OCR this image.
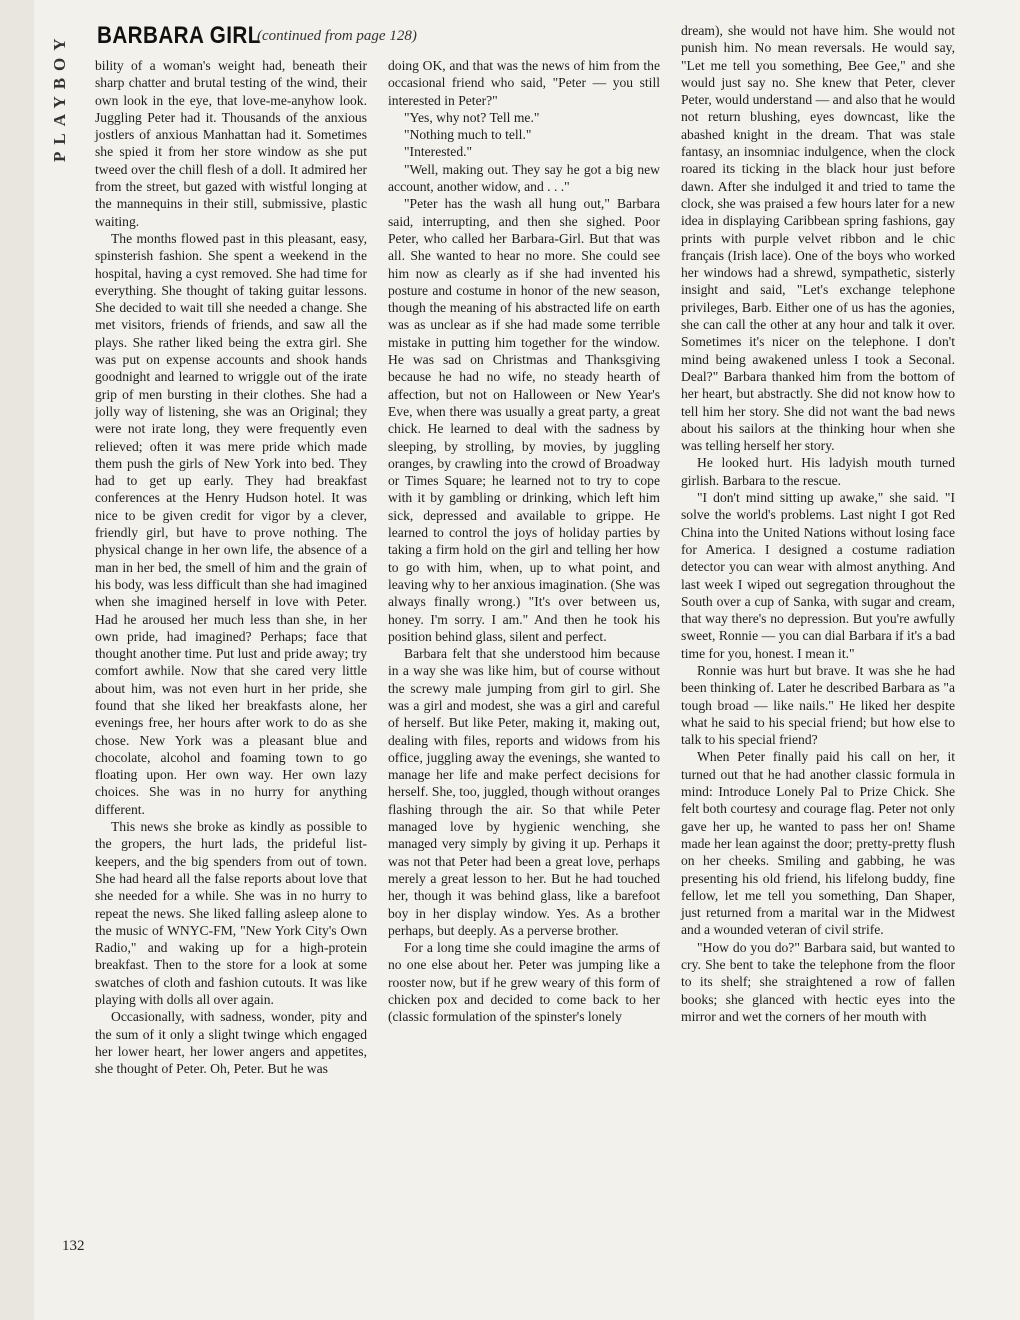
PLAYBOY	BARBARA GIRL
(continued from page 128)

bility of a woman's weight had, beneath their sharp chatter and brutal testing of the wind, their own look in the eye, that love-me-anyhow look. Juggling Peter had it. Thousands of the anxious jostlers of anxious Manhattan had it. Sometimes she spied it from her store window as she put tweed over the chill flesh of a doll. It admired her from the street, but gazed with wistful longing at the mannequins in their still, submissive, plastic waiting.

The months flowed past in this pleasant, easy, spinsterish fashion. She spent a weekend in the hospital, having a cyst removed. She had time for everything. She thought of taking guitar lessons. She decided to wait till she needed a change. She met visitors, friends of friends, and saw all the plays. She rather liked being the extra girl. She was put on expense accounts and shook hands goodnight and learned to wriggle out of the irate grip of men bursting in their clothes. She had a jolly way of listening, she was an Original; they were not irate long, they were frequently even relieved; often it was mere pride which made them push the girls of New York into bed. They had to get up early. They had breakfast conferences at the Henry Hudson hotel. It was nice to be given credit for vigor by a clever, friendly girl, but have to prove nothing. The physical change in her own life, the absence of a man in her bed, the smell of him and the grain of his body, was less difficult than she had imagined when she imagined herself in love with Peter. Had he aroused her much less than she, in her own pride, had imagined? Perhaps; face that thought another time. Put lust and pride away; try comfort awhile. Now that she cared very little about him, was not even hurt in her pride, she found that she liked her breakfasts alone, her evenings free, her hours after work to do as she chose. New York was a pleasant blue and chocolate, alcohol and foaming town to go floating upon. Her own way. Her own lazy choices. She was in no hurry for anything different.

This news she broke as kindly as possible to the gropers, the hurt lads, the prideful list-keepers, and the big spenders from out of town. She had heard all the false reports about love that she needed for a while. She was in no hurry to repeat the news. She liked falling asleep alone to the music of WNYC-FM, "New York City's Own Radio," and waking up for a high-protein breakfast. Then to the store for a look at some swatches of cloth and fashion cutouts. It was like playing with dolls all over again.

Occasionally, with sadness, wonder, pity and the sum of it only a slight twinge which engaged her lower heart, her lower angers and appetites, she thought of Peter. Oh, Peter. But he was

doing OK, and that was the news of him from the occasional friend who said, "Peter — you still interested in Peter?"

"Yes, why not? Tell me."

"Nothing much to tell."

"Interested."

"Well, making out. They say he got a big new account, another widow, and . . ."

"Peter has the wash all hung out," Barbara said, interrupting, and then she sighed. Poor Peter, who called her Barbara-Girl. But that was all. She wanted to hear no more. She could see him now as clearly as if she had invented his posture and costume in honor of the new season, though the meaning of his abstracted life on earth was as unclear as if she had made some terrible mistake in putting him together for the window. He was sad on Christmas and Thanksgiving because he had no wife, no steady hearth of affection, but not on Halloween or New Year's Eve, when there was usually a great party, a great chick. He learned to deal with the sadness by sleeping, by strolling, by movies, by juggling oranges, by crawling into the crowd of Broadway or Times Square; he learned not to try to cope with it by gambling or drinking, which left him sick, depressed and available to grippe. He learned to control the joys of holiday parties by taking a firm hold on the girl and telling her how to go with him, when, up to what point, and leaving why to her anxious imagination. (She was always finally wrong.) "It's over between us, honey. I'm sorry. I am." And then he took his position behind glass, silent and perfect.

Barbara felt that she understood him because in a way she was like him, but of course without the screwy male jumping from girl to girl. She was a girl and modest, she was a girl and careful of herself. But like Peter, making it, making out, dealing with files, reports and widows from his office, juggling away the evenings, she wanted to manage her life and make perfect decisions for herself. She, too, juggled, though without oranges flashing through the air. So that while Peter managed love by hygienic wenching, she managed very simply by giving it up. Perhaps it was not that Peter had been a great love, perhaps merely a great lesson to her. But he had touched her, though it was behind glass, like a barefoot boy in her display window. Yes. As a brother perhaps, but deeply. As a perverse brother.

For a long time she could imagine the arms of no one else about her. Peter was jumping like a rooster now, but if he grew weary of this form of chicken pox and decided to come back to her (classic formulation of the spinster's lonely

dream), she would not have him. She would not punish him. No mean reversals. He would say, "Let me tell you something, Bee Gee," and she would just say no. She knew that Peter, clever Peter, would understand — and also that he would not return blushing, eyes downcast, like the abashed knight in the dream. That was stale fantasy, an insomniac indulgence, when the clock roared its ticking in the black hour just before dawn. After she indulged it and tried to tame the clock, she was praised a few hours later for a new idea in displaying Caribbean spring fashions, gay prints with purple velvet ribbon and le chic français (Irish lace). One of the boys who worked her windows had a shrewd, sympathetic, sisterly insight and said, "Let's exchange telephone privileges, Barb. Either one of us has the agonies, she can call the other at any hour and talk it over. Sometimes it's nicer on the telephone. I don't mind being awakened unless I took a Seconal. Deal?" Barbara thanked him from the bottom of her heart, but abstractly. She did not know how to tell him her story. She did not want the bad news about his sailors at the thinking hour when she was telling herself her story.

He looked hurt. His ladyish mouth turned girlish. Barbara to the rescue.

"I don't mind sitting up awake," she said. "I solve the world's problems. Last night I got Red China into the United Nations without losing face for America. I designed a costume radiation detector you can wear with almost anything. And last week I wiped out segregation throughout the South over a cup of Sanka, with sugar and cream, that way there's no depression. But you're awfully sweet, Ronnie — you can dial Barbara if it's a bad time for you, honest. I mean it."

Ronnie was hurt but brave. It was she he had been thinking of. Later he described Barbara as "a tough broad — like nails." He liked her despite what he said to his special friend; but how else to talk to his special friend?

When Peter finally paid his call on her, it turned out that he had another classic formula in mind: Introduce Lonely Pal to Prize Chick. She felt both courtesy and courage flag. Peter not only gave her up, he wanted to pass her on! Shame made her lean against the door; pretty-pretty flush on her cheeks. Smiling and gabbing, he was presenting his old friend, his lifelong buddy, fine fellow, let me tell you something, Dan Shaper, just returned from a marital war in the Midwest and a wounded veteran of civil strife.

"How do you do?" Barbara said, but wanted to cry. She bent to take the telephone from the floor to its shelf; she straightened a row of fallen books; she glanced with hectic eyes into the mirror and wet the corners of her mouth with

132
